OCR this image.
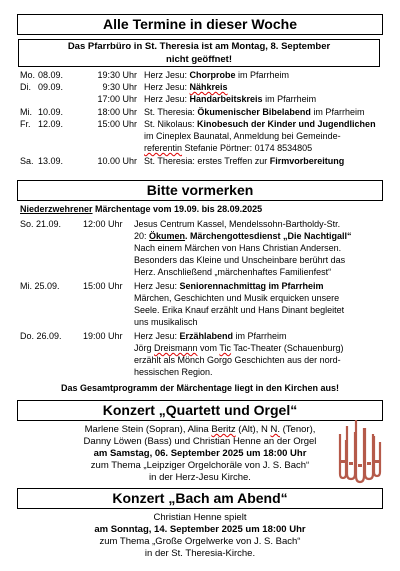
Alle Termine in dieser Woche
Das Pfarrbüro in St. Theresia ist am Montag, 8. September
nicht geöffnet!
Mo. 08.09.	19:30 Uhr Herz Jesu: Chorprobe im Pfarrheim
Di. 09.09.	9:30 Uhr Herz Jesu: Nähkreis
17:00 Uhr Herz Jesu: Handarbeitskreis im Pfarrheim
Mi. 10.09.	18:00 Uhr St. Theresia: Ökumenischer Bibelabend im Pfarrheim
Fr. 12.09.	15:00 Uhr St. Nikolaus: Kinobesuch der Kinder und Jugendlichen
im Cineplex Baunatal, Anmeldung bei Gemeinde-
referentin Stefanie Pörtner: 0174 8534805
Sa. 13.09.	10.00 Uhr St. Theresia: erstes Treffen zur Firmvorbereitung
Bitte vormerken
Niederzwehrener Märchentage vom 19.09. bis 28.09.2025
So. 21.09. 12:00 Uhr Jesus Centrum Kassel, Mendelssohn-Bartholdy-Str.
20: Ökumen. Märchengottesdienst „Die Nachtigall“
Nach einem Märchen von Hans Christian Andersen.
Besonders das Kleine und Unscheinbare berührt das
Herz. Anschließend „märchenhaftes Familienfest“
Mi. 25.09.	15:00 Uhr Herz Jesu: Seniorennachmittag im Pfarrheim
Märchen, Geschichten und Musik erquicken unsere
Seele. Erika Knauf erzählt und Hans Dinant begleitet
uns musikalisch
Do. 26.09. 19:00 Uhr Herz Jesu: Erzählabend im Pfarrheim
Jörg Dreismann vom Tic Tac-Theater (Schauenburg)
erzählt als Mönch Gorgo Geschichten aus der nord-
hessischen Region.
Das Gesamtprogramm der Märchentage liegt in den Kirchen aus!
Konzert „Quartett und Orgel“
Marlene Stein (Sopran), Alina Beritz (Alt), N N. (Tenor),
Danny Löwen (Bass) und Christian Henne an der Orgel
am Samstag, 06. September 2025 um 18:00 Uhr
zum Thema „Leipziger Orgelchoräle von J. S. Bach“
in der Herz-Jesu Kirche.
Konzert „Bach am Abend“
Christian Henne spielt
am Sonntag, 14. September 2025 um 18:00 Uhr
zum Thema „Große Orgelwerke von J. S. Bach“
in der St. Theresia-Kirche.
